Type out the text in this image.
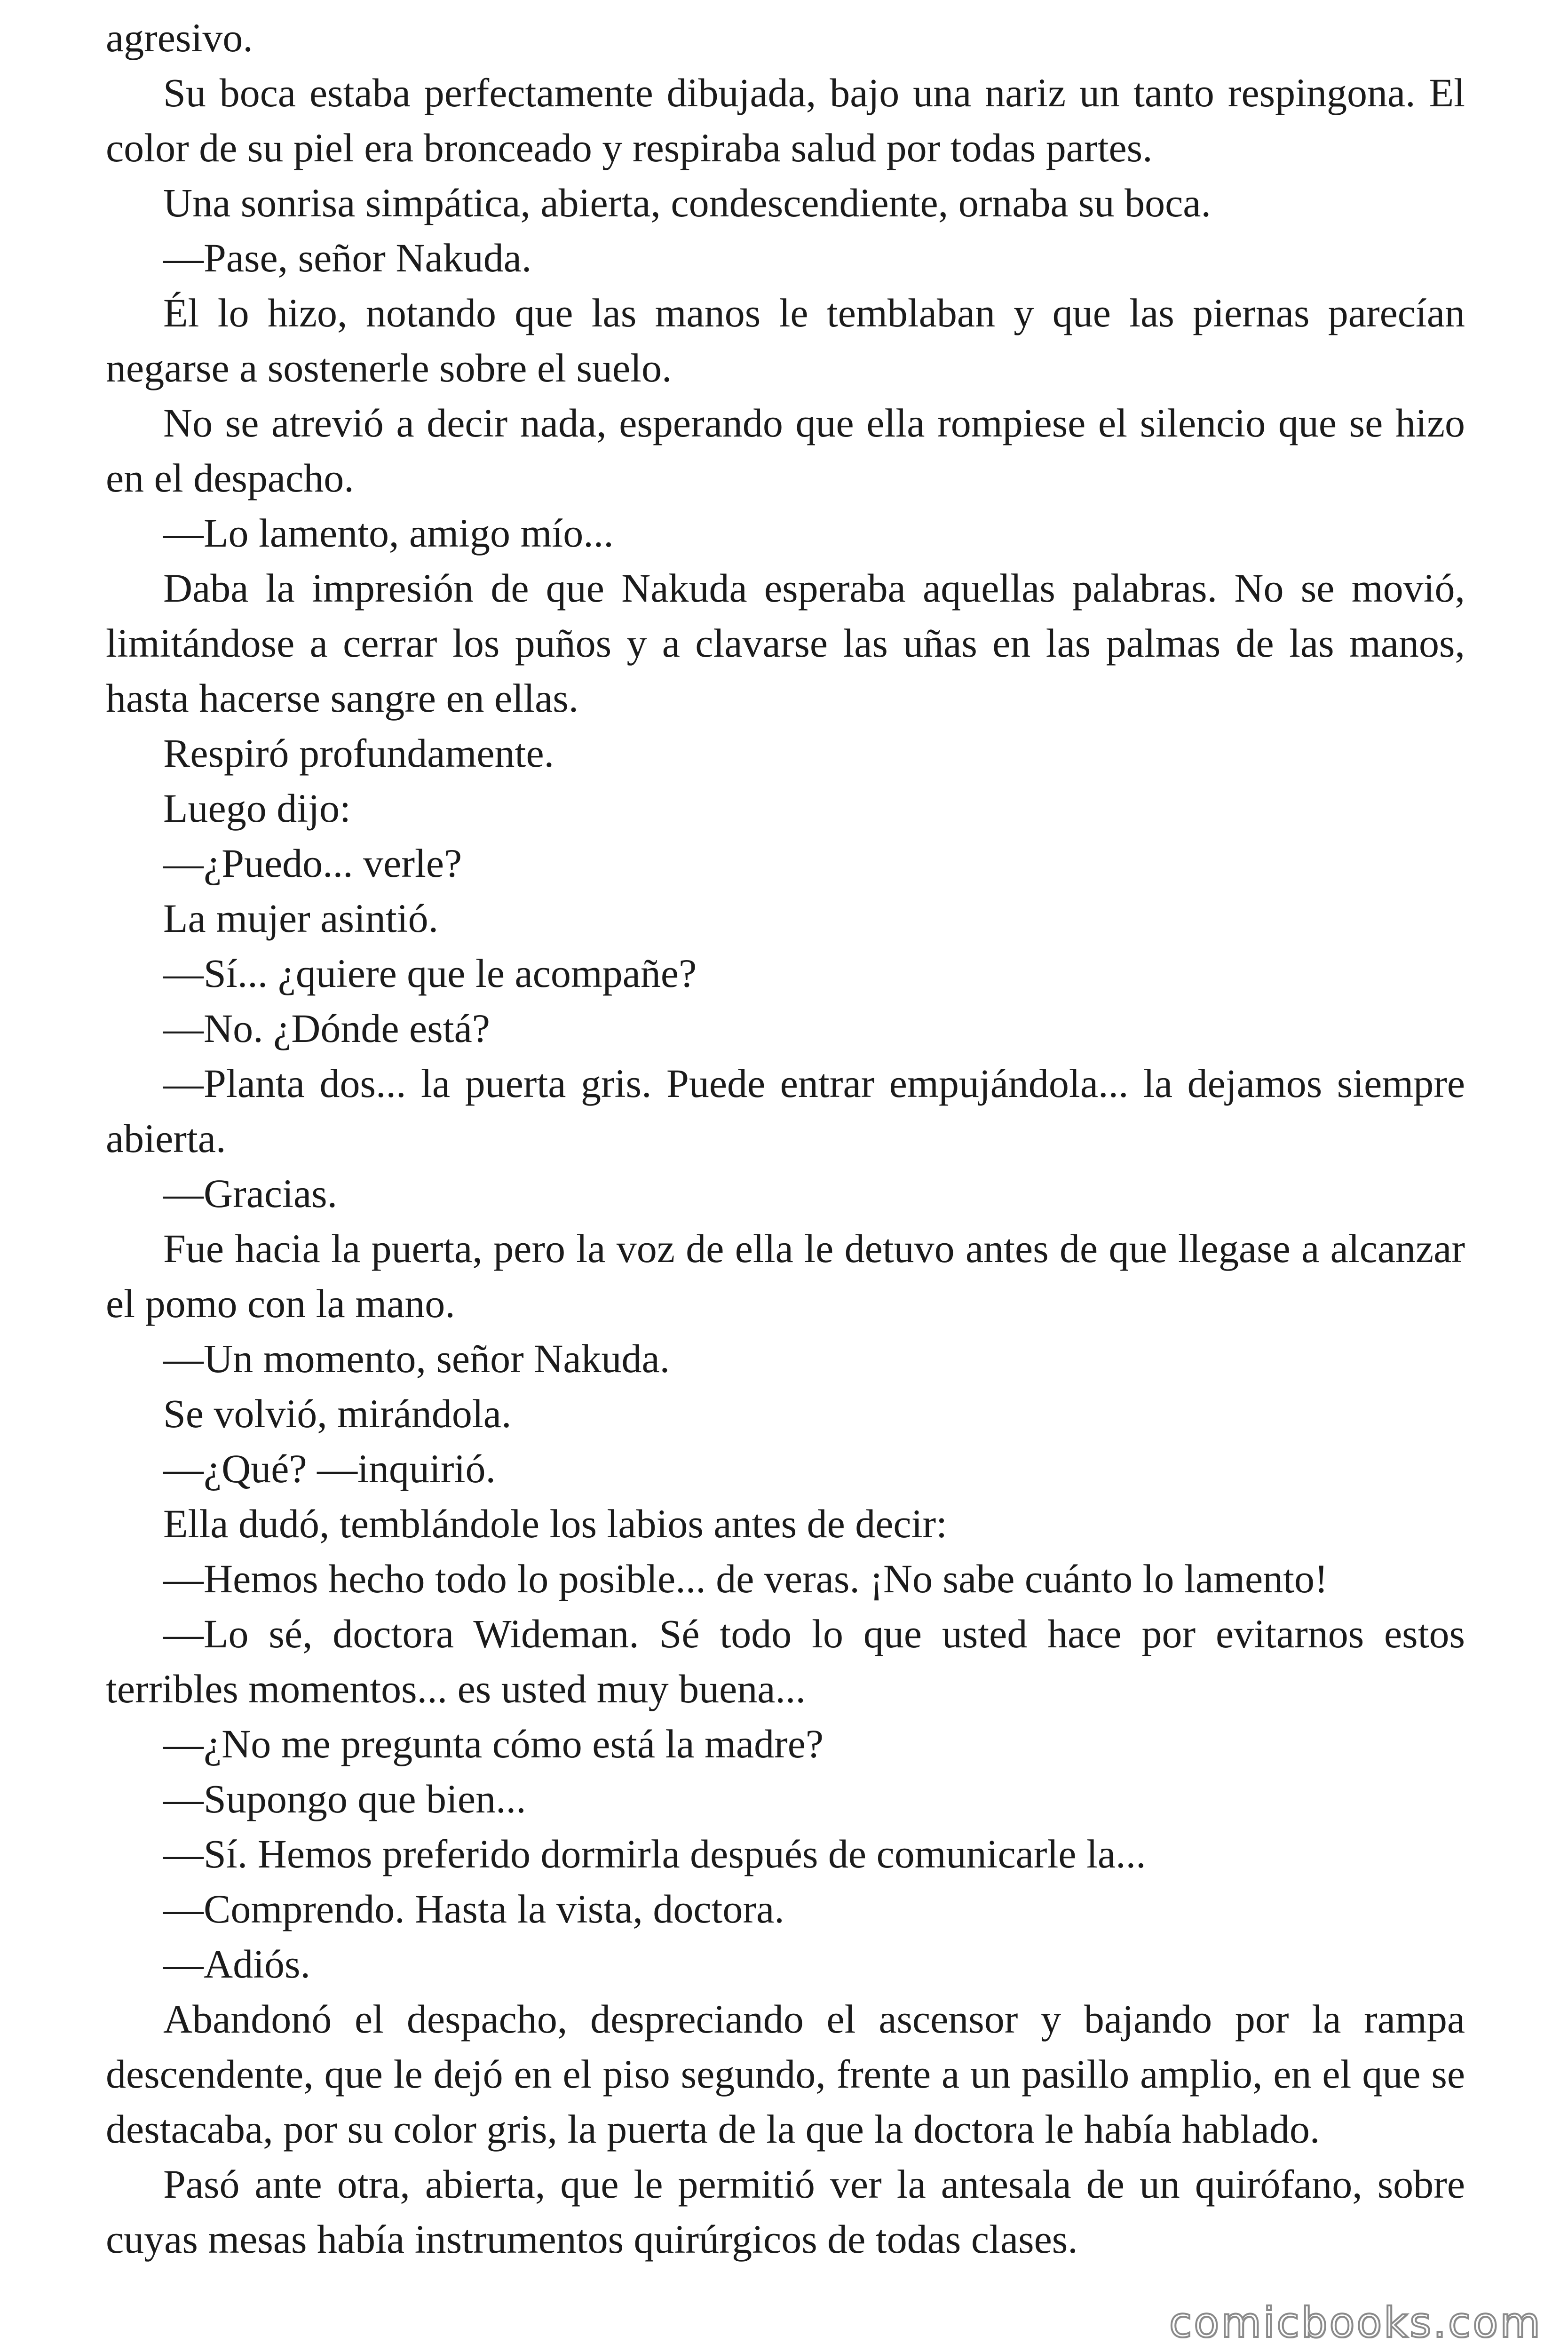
agresivo.

Su boca estaba perfectamente dibujada, bajo una nariz un tanto respingona. El color de su piel era bronceado y respiraba salud por todas partes.

Una sonrisa simpática, abierta, condescendiente, ornaba su boca.

—Pase, señor Nakuda.

Él lo hizo, notando que las manos le temblaban y que las piernas parecían negarse a sostenerle sobre el suelo.

No se atrevió a decir nada, esperando que ella rompiese el silencio que se hizo en el despacho.

—Lo lamento, amigo mío...

Daba la impresión de que Nakuda esperaba aquellas palabras. No se movió, limitándose a cerrar los puños y a clavarse las uñas en las palmas de las manos, hasta hacerse sangre en ellas.

Respiró profundamente.

Luego dijo:

—¿Puedo... verle?

La mujer asintió.

—Sí... ¿quiere que le acompañe?

—No. ¿Dónde está?

—Planta dos... la puerta gris. Puede entrar empujándola... la dejamos siempre abierta.

—Gracias.

Fue hacia la puerta, pero la voz de ella le detuvo antes de que llegase a alcanzar el pomo con la mano.

—Un momento, señor Nakuda.

Se volvió, mirándola.

—¿Qué? —inquirió.

Ella dudó, temblándole los labios antes de decir:

—Hemos hecho todo lo posible... de veras. ¡No sabe cuánto lo lamento!

—Lo sé, doctora Wideman. Sé todo lo que usted hace por evitarnos estos terribles momentos... es usted muy buena...

—¿No me pregunta cómo está la madre?

—Supongo que bien...

—Sí. Hemos preferido dormirla después de comunicarle la...

—Comprendo. Hasta la vista, doctora.

—Adiós.

Abandonó el despacho, despreciando el ascensor y bajando por la rampa descendente, que le dejó en el piso segundo, frente a un pasillo amplio, en el que se destacaba, por su color gris, la puerta de la que la doctora le había hablado.

Pasó ante otra, abierta, que le permitió ver la antesala de un quirófano, sobre cuyas mesas había instrumentos quirúrgicos de todas clases.

comicbooks.com
